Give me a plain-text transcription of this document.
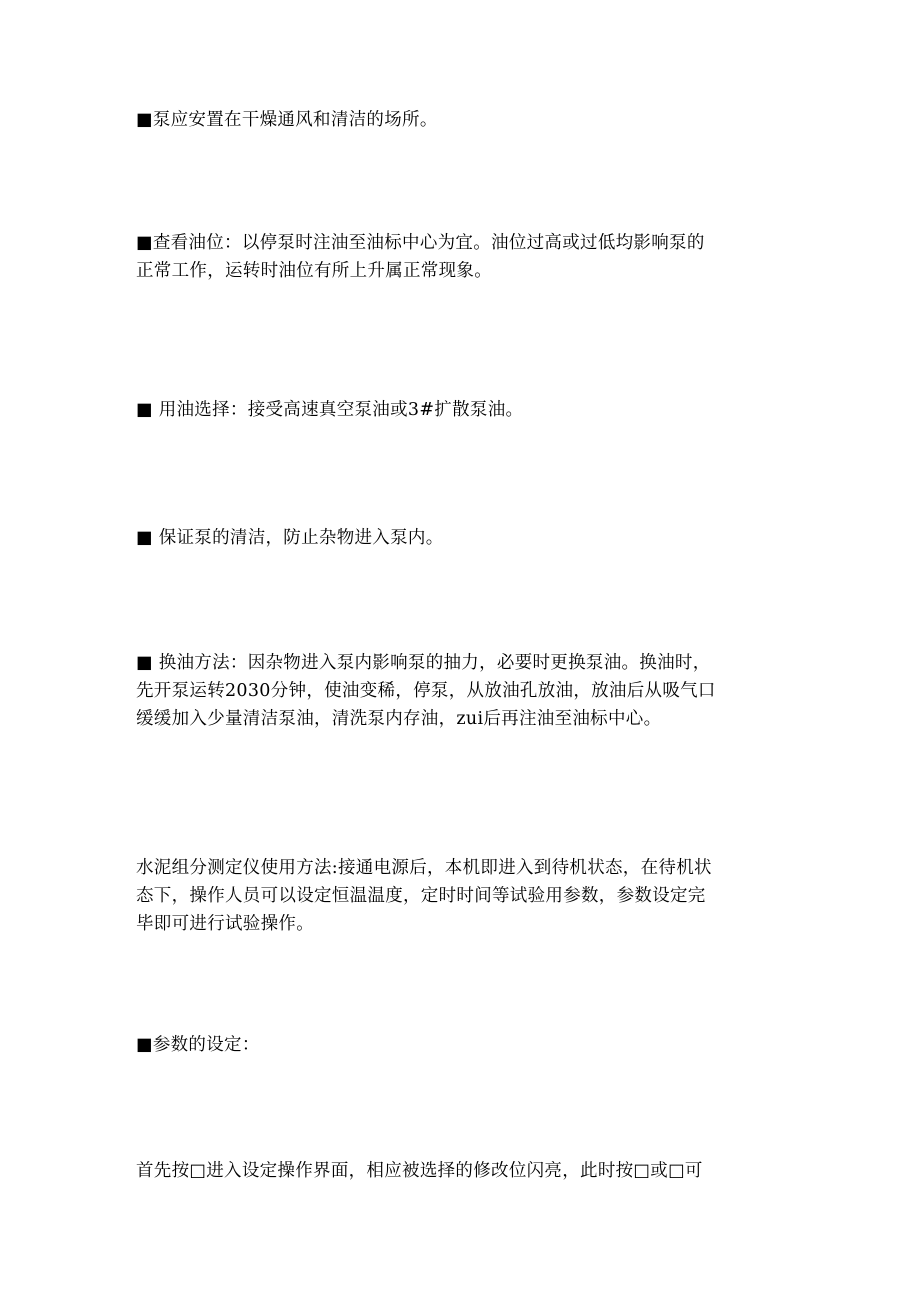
■泵应安置在干燥通风和清洁的场所。

■查看油位：以停泵时注油至油标中心为宜。油位过高或过低均影响泵的
正常工作，运转时油位有所上升属正常现象。

■ 用油选择：接受高速真空泵油或3#扩散泵油。

■ 保证泵的清洁，防止杂物进入泵内。

■ 换油方法：因杂物进入泵内影响泵的抽力，必要时更换泵油。换油时，
先开泵运转2030分钟，使油变稀，停泵，从放油孔放油，放油后从吸气口
缓缓加入少量清洁泵油，清洗泵内存油，zui后再注油至油标中心。

水泥组分测定仪使用方法:接通电源后，本机即进入到待机状态，在待机状
态下，操作人员可以设定恒温温度，定时时间等试验用参数，参数设定完
毕即可进行试验操作。

■参数的设定：

首先按□进入设定操作界面，相应被选择的修改位闪亮，此时按□或□可
